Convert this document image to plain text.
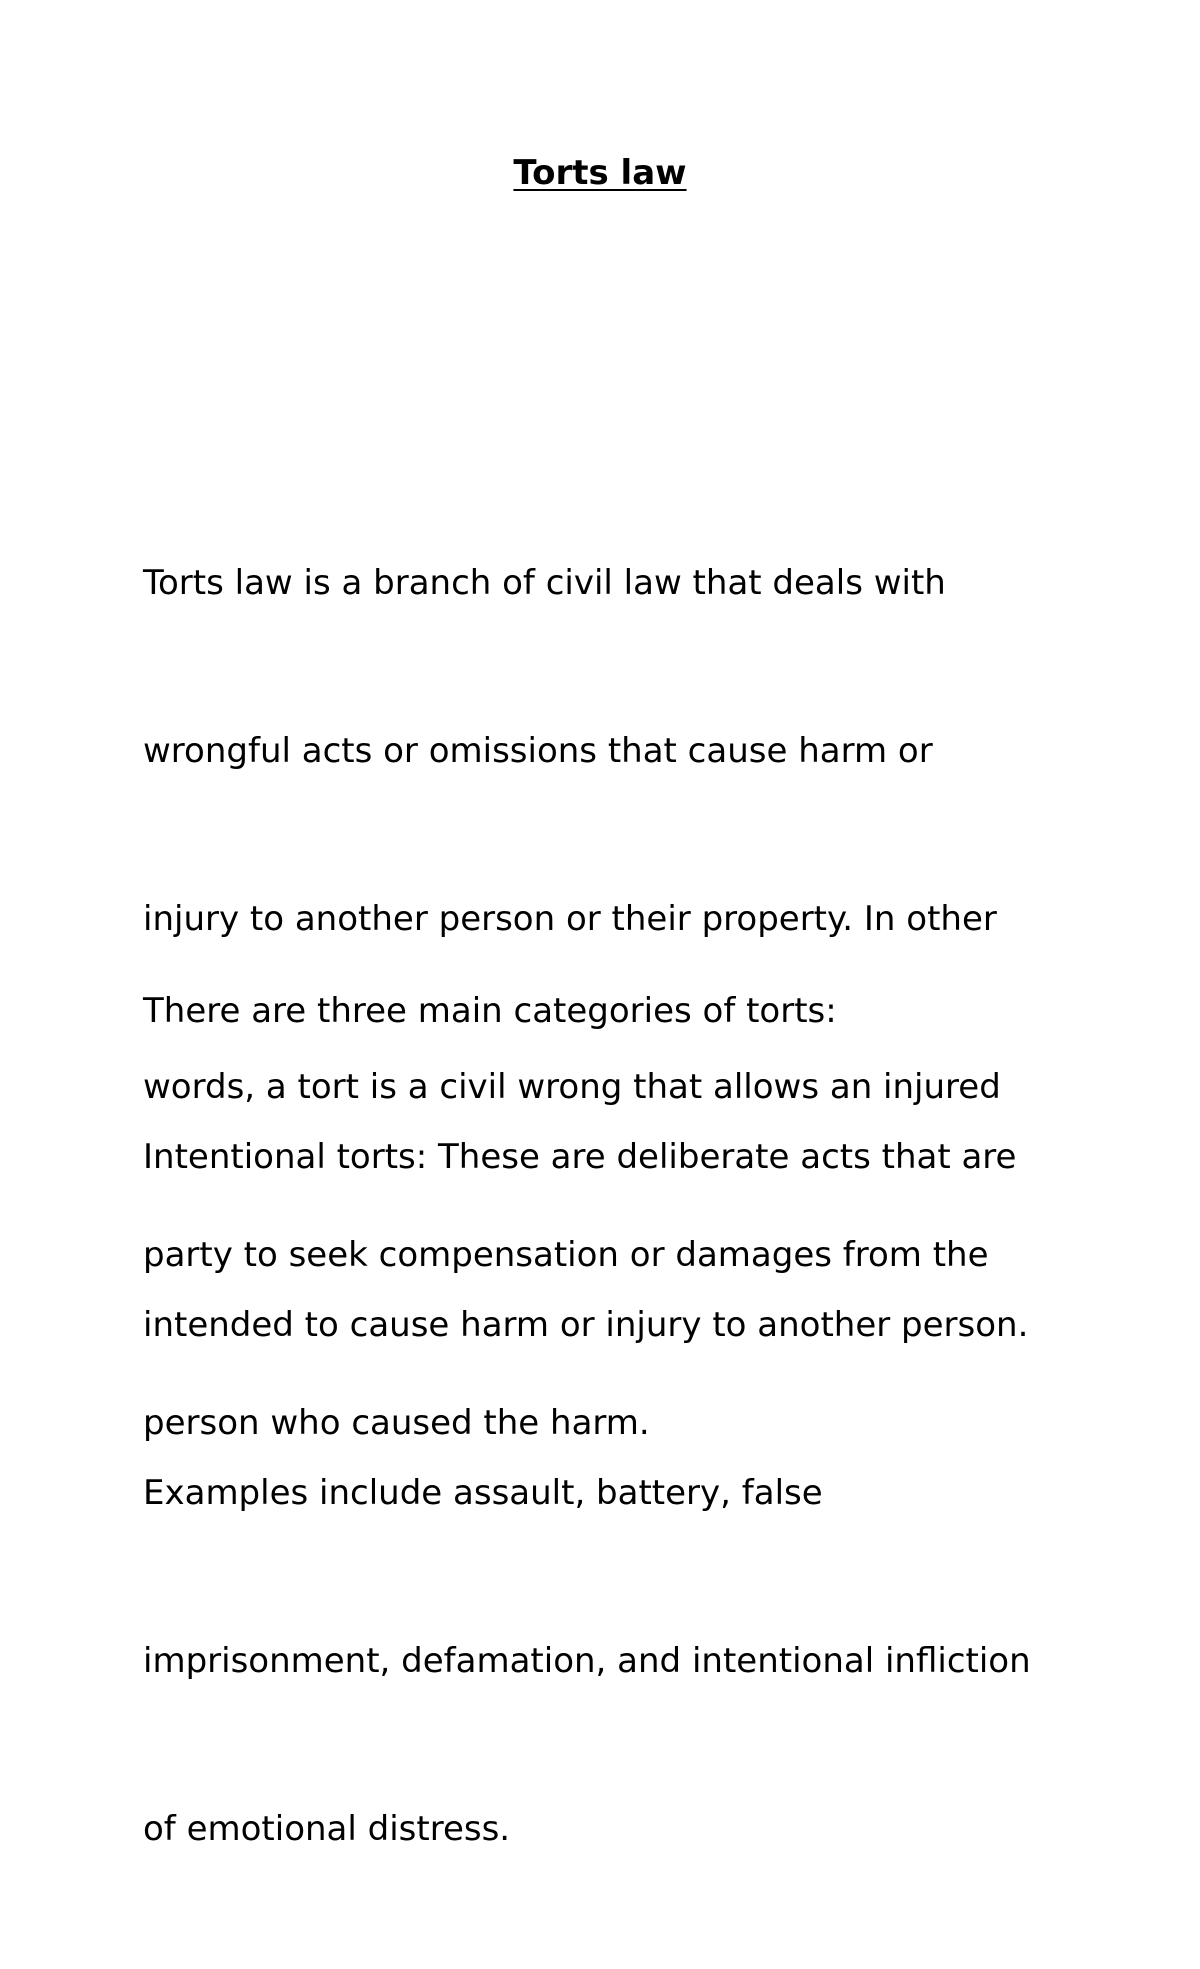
Torts law

Torts law is a branch of civil law that deals with

wrongful acts or omissions that cause harm or

injury to another person or their property. In other

words, a tort is a civil wrong that allows an injured

party to seek compensation or damages from the

person who caused the harm.

There are three main categories of torts:

Intentional torts: These are deliberate acts that are

intended to cause harm or injury to another person.

Examples include assault, battery, false

imprisonment, defamation, and intentional infliction

of emotional distress.
